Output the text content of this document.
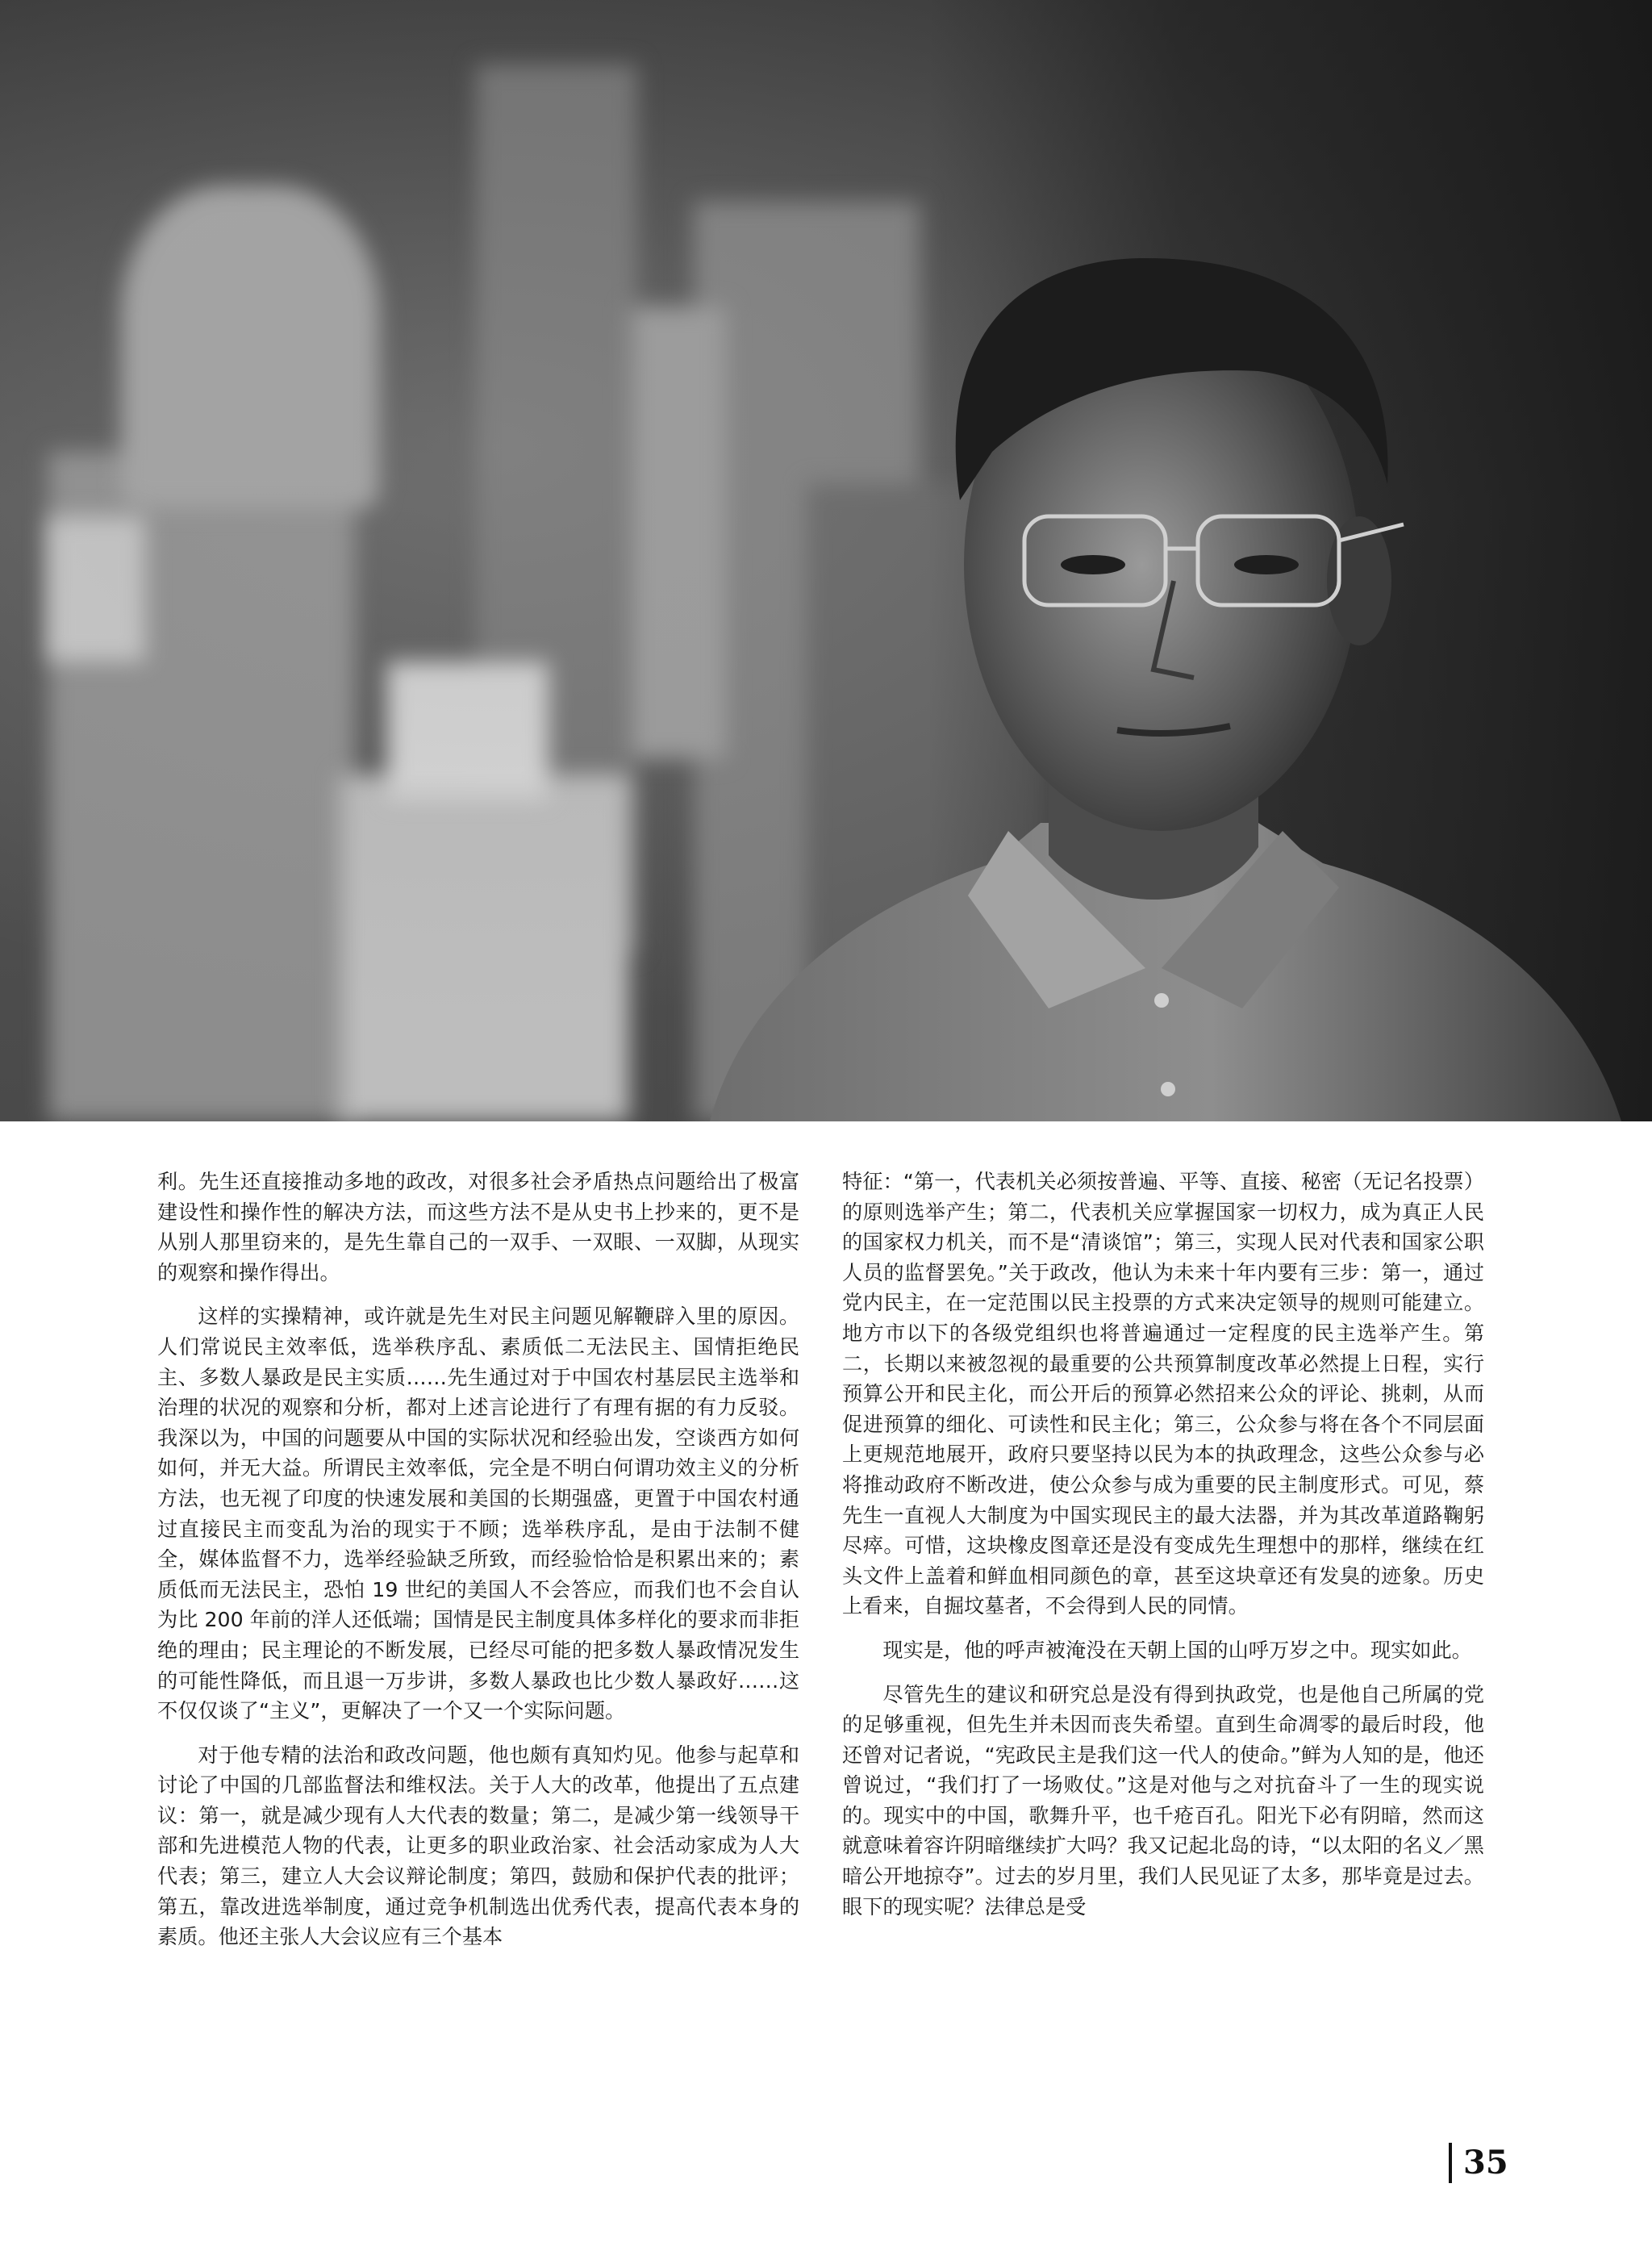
利。先生还直接推动多地的政改，对很多社会矛盾热点问题给出了极富建设性和操作性的解决方法，而这些方法不是从史书上抄来的，更不是从别人那里窃来的，是先生靠自己的一双手、一双眼、一双脚，从现实的观察和操作得出。

这样的实操精神，或许就是先生对民主问题见解鞭辟入里的原因。人们常说民主效率低，选举秩序乱、素质低二无法民主、国情拒绝民主、多数人暴政是民主实质……先生通过对于中国农村基层民主选举和治理的状况的观察和分析，都对上述言论进行了有理有据的有力反驳。我深以为，中国的问题要从中国的实际状况和经验出发，空谈西方如何如何，并无大益。所谓民主效率低，完全是不明白何谓功效主义的分析方法，也无视了印度的快速发展和美国的长期强盛，更置于中国农村通过直接民主而变乱为治的现实于不顾；选举秩序乱，是由于法制不健全，媒体监督不力，选举经验缺乏所致，而经验恰恰是积累出来的；素质低而无法民主，恐怕 19 世纪的美国人不会答应，而我们也不会自认为比 200 年前的洋人还低端；国情是民主制度具体多样化的要求而非拒绝的理由；民主理论的不断发展，已经尽可能的把多数人暴政情况发生的可能性降低，而且退一万步讲，多数人暴政也比少数人暴政好……这不仅仅谈了“主义”，更解决了一个又一个实际问题。

对于他专精的法治和政改问题，他也颇有真知灼见。他参与起草和讨论了中国的几部监督法和维权法。关于人大的改革，他提出了五点建议：第一，就是减少现有人大代表的数量；第二，是减少第一线领导干部和先进模范人物的代表，让更多的职业政治家、社会活动家成为人大代表；第三，建立人大会议辩论制度；第四，鼓励和保护代表的批评；第五，靠改进选举制度，通过竞争机制选出优秀代表，提高代表本身的素质。他还主张人大会议应有三个基本

特征：“第一，代表机关必须按普遍、平等、直接、秘密（无记名投票）的原则选举产生；第二，代表机关应掌握国家一切权力，成为真正人民的国家权力机关，而不是“清谈馆”；第三，实现人民对代表和国家公职人员的监督罢免。”关于政改，他认为未来十年内要有三步：第一，通过党内民主，在一定范围以民主投票的方式来决定领导的规则可能建立。地方市以下的各级党组织也将普遍通过一定程度的民主选举产生。第二，长期以来被忽视的最重要的公共预算制度改革必然提上日程，实行预算公开和民主化，而公开后的预算必然招来公众的评论、挑刺，从而促进预算的细化、可读性和民主化；第三，公众参与将在各个不同层面上更规范地展开，政府只要坚持以民为本的执政理念，这些公众参与必将推动政府不断改进，使公众参与成为重要的民主制度形式。可见，蔡先生一直视人大制度为中国实现民主的最大法器，并为其改革道路鞠躬尽瘁。可惜，这块橡皮图章还是没有变成先生理想中的那样，继续在红头文件上盖着和鲜血相同颜色的章，甚至这块章还有发臭的迹象。历史上看来，自掘坟墓者，不会得到人民的同情。

现实是，他的呼声被淹没在天朝上国的山呼万岁之中。现实如此。

尽管先生的建议和研究总是没有得到执政党，也是他自己所属的党的足够重视，但先生并未因而丧失希望。直到生命凋零的最后时段，他还曾对记者说，“宪政民主是我们这一代人的使命。”鲜为人知的是，他还曾说过，“我们打了一场败仗。”这是对他与之对抗奋斗了一生的现实说的。现实中的中国，歌舞升平，也千疮百孔。阳光下必有阴暗，然而这就意味着容许阴暗继续扩大吗？我又记起北岛的诗，“以太阳的名义／黑暗公开地掠夺”。过去的岁月里，我们人民见证了太多，那毕竟是过去。眼下的现实呢？法律总是受

35
